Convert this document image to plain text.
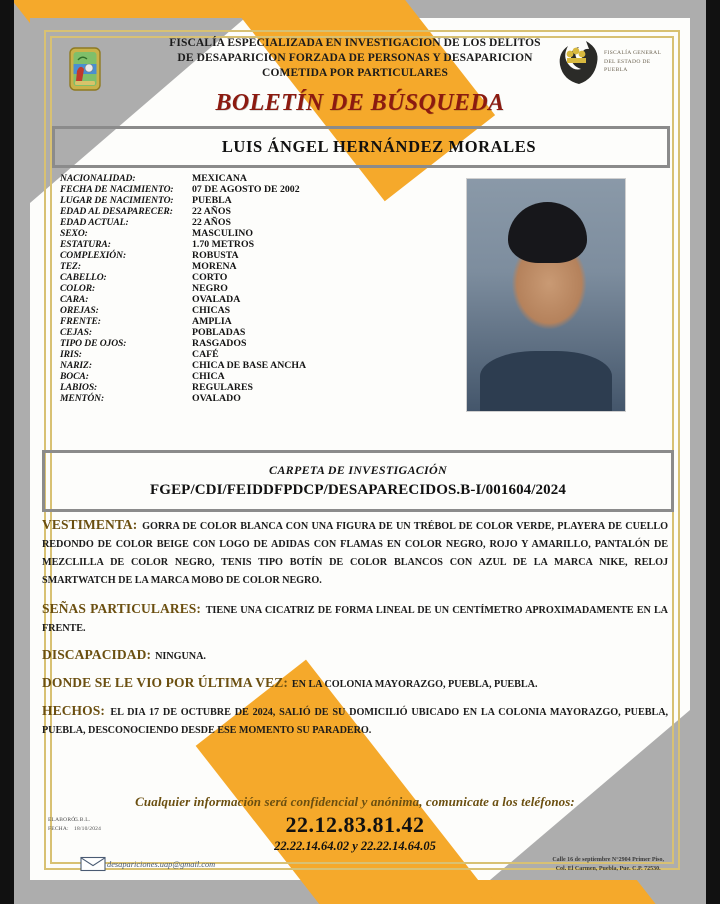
FISCALÍA ESPECIALIZADA EN INVESTIGACION DE LOS DELITOS
DE DESAPARICION FORZADA DE PERSONAS Y DESAPARICION
COMETIDA POR PARTICULARES
FISCALÍA GENERAL
DEL ESTADO DE
PUEBLA
BOLETÍN DE BÚSQUEDA
LUIS ÁNGEL HERNÁNDEZ MORALES
NACIONALIDAD:	MEXICANA
FECHA DE NACIMIENTO:	07 DE AGOSTO DE 2002
LUGAR DE NACIMIENTO:	PUEBLA
EDAD AL DESAPARECER:	22 AÑOS
EDAD ACTUAL:	22 AÑOS
SEXO:	MASCULINO
ESTATURA:	1.70 METROS
COMPLEXIÓN:	ROBUSTA
TEZ:	MORENA
CABELLO:	CORTO
COLOR:	NEGRO
CARA:	OVALADA
OREJAS:	CHICAS
FRENTE:	AMPLIA
CEJAS:	POBLADAS
TIPO DE OJOS:	RASGADOS
IRIS:	CAFÉ
NARIZ:	CHICA DE BASE ANCHA
BOCA:	CHICA
LABIOS:	REGULARES
MENTÓN:	OVALADO
CARPETA DE INVESTIGACIÓN
FGEP/CDI/FEIDDFPDCP/DESAPARECIDOS.B-I/001604/2024
VESTIMENTA: GORRA DE COLOR BLANCA CON UNA FIGURA DE UN TRÉBOL DE COLOR VERDE, PLAYERA DE CUELLO REDONDO DE COLOR BEIGE CON LOGO DE ADIDAS CON FLAMAS EN COLOR NEGRO, ROJO Y AMARILLO, PANTALÓN DE MEZCLILLA DE COLOR NEGRO, TENIS TIPO BOTÍN DE COLOR BLANCOS CON AZUL DE LA MARCA NIKE, RELOJ SMARTWATCH DE LA MARCA MOBO DE COLOR NEGRO.
SEÑAS PARTICULARES: TIENE UNA CICATRIZ DE FORMA LINEAL DE UN CENTÍMETRO APROXIMADAMENTE EN LA FRENTE.
DISCAPACIDAD: NINGUNA.
DONDE SE LE VIO POR ÚLTIMA VEZ: EN LA COLONIA MAYORAZGO, PUEBLA, PUEBLA.
HECHOS: EL DIA 17 DE OCTUBRE DE 2024, SALIÓ DE SU DOMICILIÓ UBICADO EN LA COLONIA MAYORAZGO, PUEBLA, PUEBLA, DESCONOCIENDO DESDE ESE MOMENTO SU PARADERO.
Cualquier información será confidencial y anónima, comunicate a los teléfonos:
22.12.83.81.42
22.22.14.64.02 y 22.22.14.64.05
ELABORÓ:G.B.L.
FECHA: 18/10/2024
desapariciones.uap@gmail.com	Calle 16 de septiembre N°2904 Primer Piso,
Col. El Carmen, Puebla, Pue. C.P. 72530.
